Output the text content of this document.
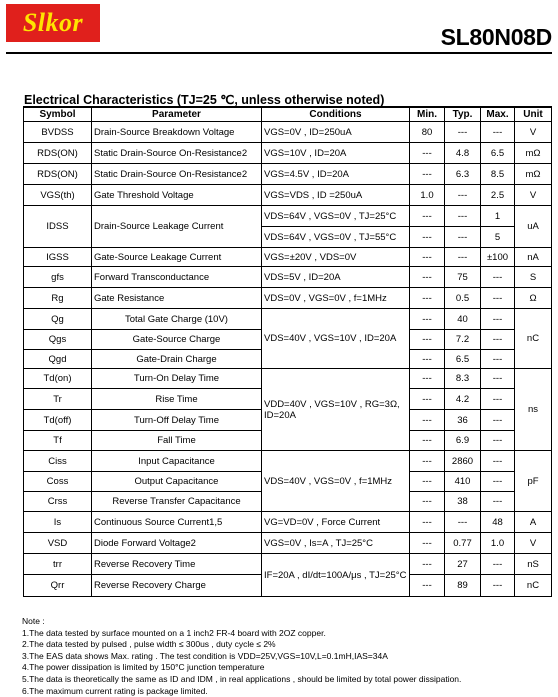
Slkor	SL80N08D
Electrical Characteristics (TJ=25 ℃, unless otherwise noted)
Symbol	Parameter	Conditions	Min.	Typ.	Max.	Unit
BVDSS	Drain-Source Breakdown Voltage	VGS=0V , ID=250uA	80	---	---	V
RDS(ON)	Static Drain-Source On-Resistance2	VGS=10V , ID=20A	---	4.8	6.5	mΩ
RDS(ON)	Static Drain-Source On-Resistance2	VGS=4.5V , ID=20A	---	6.3	8.5	mΩ
VGS(th)	Gate Threshold Voltage	VGS=VDS , ID =250uA	1.0	---	2.5	V
IDSS	Drain-Source Leakage Current	VDS=64V , VGS=0V , TJ=25°C	---	---	1	uA
		VDS=64V , VGS=0V , TJ=55°C	---	---	5	
IGSS	Gate-Source Leakage Current	VGS=±20V , VDS=0V	---	---	±100	nA
gfs	Forward Transconductance	VDS=5V , ID=20A	---	75	---	S
Rg	Gate Resistance	VDS=0V , VGS=0V , f=1MHz	---	0.5	---	Ω
Qg	Total Gate Charge (10V)	VDS=40V , VGS=10V , ID=20A	---	40	---	nC
Qgs	Gate-Source Charge		---	7.2	---	
Qgd	Gate-Drain Charge		---	6.5	---	
Td(on)	Turn-On Delay Time	VDD=40V , VGS=10V , RG=3Ω, ID=20A	---	8.3	---	ns
Tr	Rise Time		---	4.2	---	
Td(off)	Turn-Off Delay Time		---	36	---	
Tf	Fall Time		---	6.9	---	
Ciss	Input Capacitance	VDS=40V , VGS=0V , f=1MHz	---	2860	---	pF
Coss	Output Capacitance		---	410	---	
Crss	Reverse Transfer Capacitance		---	38	---	
Is	Continuous Source Current1,5	VG=VD=0V , Force Current	---	---	48	A
VSD	Diode Forward Voltage2	VGS=0V , Is=A , TJ=25°C	---	0.77	1.0	V
trr	Reverse Recovery Time	IF=20A , dI/dt=100A/μs , TJ=25°C	---	27	---	nS
Qrr	Reverse Recovery Charge		---	89	---	nC
Note :
1.The data tested by surface mounted on a 1 inch2 FR-4 board with 2OZ copper.
2.The data tested by pulsed , pulse width ≤ 300us , duty cycle ≤ 2%
3.The EAS data shows Max. rating . The test condition is VDD=25V,VGS=10V,L=0.1mH,IAS=34A
4.The power dissipation is limited by 150°C junction temperature
5.The data is theoretically the same as ID and IDM , in real applications , should be limited by total power dissipation.
6.The maximum current rating is package limited.
